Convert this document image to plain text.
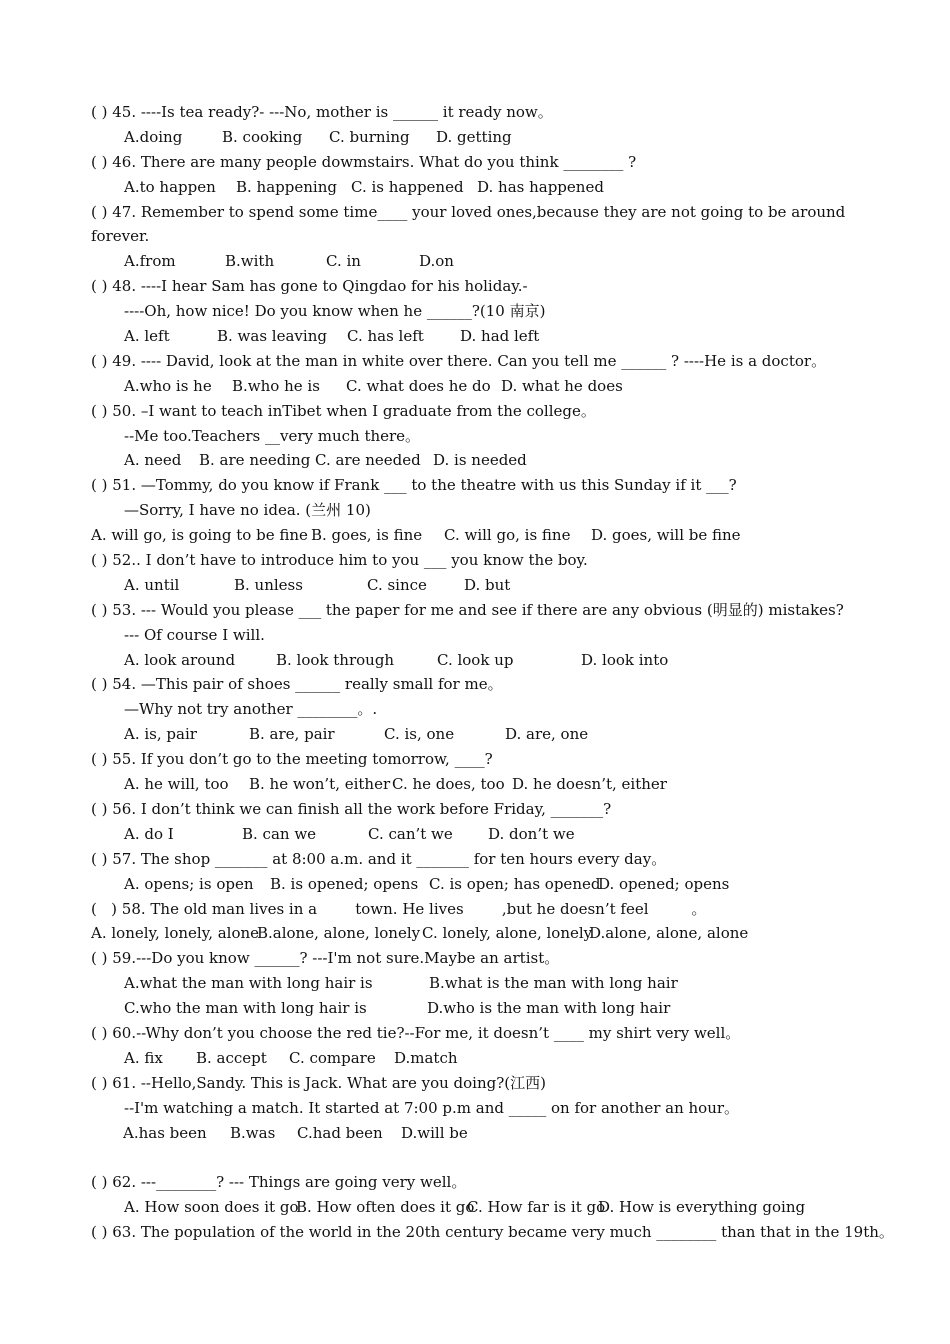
( ) 45. ----Is tea ready?- ---No, mother is ______ it ready now。
A.doing	B. cooking C. burning D. getting
( ) 46. There are many people dowmstairs. What do you think ________ ?
A.to happen B. happening C. is happened D. has happened
( ) 47. Remember to spend some time____ your loved ones,because they are not going to be around
forever.
A.from	B.with	C. in	D.on
( ) 48. ----I hear Sam has gone to Qingdao for his holiday.-
----Oh, how nice! Do you know when he ______?(10 南京)
A. left	B. was leaving C. has left D. had left
( ) 49. ---- David, look at the man in white over there. Can you tell me ______ ? ----He is a doctor。
A.who is he B.who he is C. what does he do D. what he does
( ) 50. –I want to teach inTibet when I graduate from the college。
--Me too.Teachers __very much there。
A. need B. are needing C. are needed D. is needed
( ) 51. —Tommy, do you know if Frank ___ to the theatre with us this Sunday if it ___?
—Sorry, I have no idea. (兰州 10)
A. will go, is going to be fine B. goes, is fine C. will go, is fine D. goes, will be fine
( ) 52.. I don’t have to introduce him to you ___ you know the boy.
A. until	B. unless	C. since D. but
( ) 53. --- Would you please ___ the paper for me and see if there are any obvious (明显的) mistakes?
--- Of course I will.
A. look around	B. look through	C. look up	D. look into
( ) 54. —This pair of shoes ______ really small for me。
—Why not try another ________。.
A. is, pair	B. are, pair	C. is, one	D. are, one
( ) 55. If you don’t go to the meeting tomorrow, ____?
A. he will, too B. he won’t, either C. he does, too D. he doesn’t, either
( ) 56. I don’t think we can finish all the work before Friday, _______?
A. do I	B. can we	C. can’t we D. don’t we
( ) 57. The shop _______ at 8:00 a.m. and it _______ for ten hours every day。
A. opens; is open B. is opened; opens C. is open; has openedD. opened; opens
(   ) 58. The old man lives in a        town. He lives        ,but he doesn’t feel         。
A. lonely, lonely, aloneB.alone, alone, lonely C. lonely, alone, lonelyD.alone, alone, alone
( ) 59.---Do you know ______? ---I'm not sure.Maybe an artist。
A.what the man with long hair is	B.what is the man with long hair
C.who the man with long hair is	D.who is the man with long hair
( ) 60.--Why don’t you choose the red tie?--For me, it doesn’t ____ my shirt very well。
A. fix B. accept C. compare D.match
( ) 61. --Hello,Sandy. This is Jack. What are you doing?(江西)
--I'm watching a match. It started at 7:00 p.m and _____ on for another an hour。
A.has been B.was C.had been D.will be
( ) 62. ---________? --- Things are going very well。
A. How soon does it goB. How often does it goC. How far is it goD. How is everything going
( ) 63. The population of the world in the 20th century became very much ________ than that in the 19th。
